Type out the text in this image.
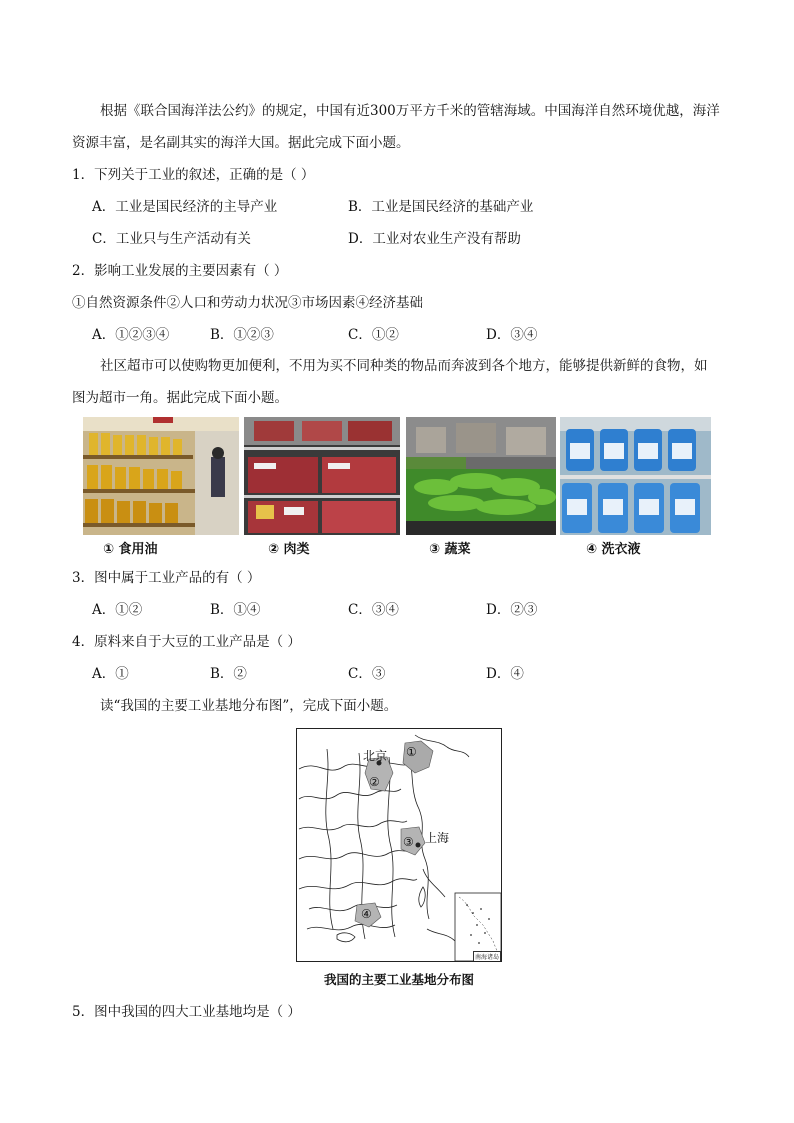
根据《联合国海洋法公约》的规定，中国有近300万平方千米的管辖海域。中国海洋自然环境优越，海洋资源丰富，是名副其实的海洋大国。据此完成下面小题。
1．下列关于工业的叙述，正确的是（ ）
A．工业是国民经济的主导产业	B．工业是国民经济的基础产业
C．工业只与生产活动有关	D．工业对农业生产没有帮助
2．影响工业发展的主要因素有（ ）
①自然资源条件②人口和劳动力状况③市场因素④经济基础
A．①②③④	B．①②③	C．①②	D．③④
社区超市可以使购物更加便利，不用为买不同种类的物品而奔波到各个地方，能够提供新鲜的食物，如图为超市一角。据此完成下面小题。
① 食用油	② 肉类	③ 蔬菜	④ 洗衣液
3．图中属于工业产品的有（ ）
A．①②	B．①④	C．③④	D．②③
4．原料来自于大豆的工业产品是（ ）
A．①	B．②	C．③	D．④
读“我国的主要工业基地分布图”，完成下面小题。
北京 ①
②
③ 上海
④
南海诸岛
我国的主要工业基地分布图
5．图中我国的四大工业基地均是（ ）
